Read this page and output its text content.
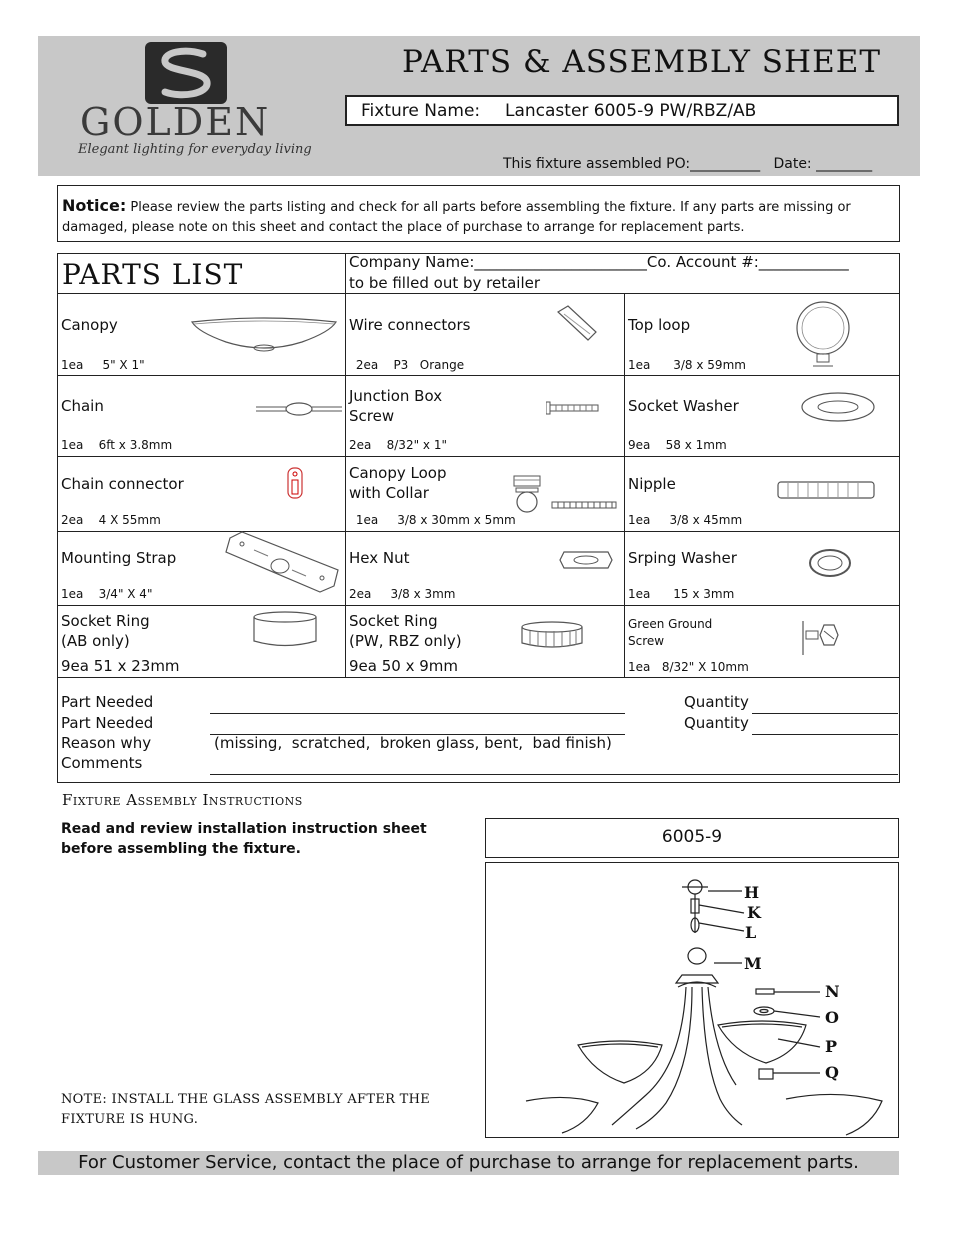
GOLDEN
Elegant lighting for everyday living
PARTS & ASSEMBLY SHEET
Fixture Name: Lancaster 6005-9 PW/RBZ/AB
This fixture assembled PO:__________   Date: ________
Notice: Please review the parts listing and check for all parts before assembling the fixture. If any parts are missing or damaged, please note on this sheet and contact the place of purchase to arrange for replacement parts.
PARTS LIST	Company Name:_______________________Co. Account #:____________
to be filled out by retailer
Canopy
1ea     5" X 1"
Wire connectors
2ea    P3   Orange
Top loop
1ea      3/8 x 59mm
Chain
1ea    6ft x 3.8mm
Junction Box
Screw
2ea    8/32" x 1"
Socket Washer
9ea    58 x 1mm
Chain connector
2ea    4 X 55mm
Canopy Loop
with Collar
1ea     3/8 x 30mm x 5mm
Nipple
1ea     3/8 x 45mm
Mounting Strap
1ea    3/4" X 4"
Hex Nut
2ea     3/8 x 3mm
Srping Washer
1ea      15 x 3mm
Socket Ring
(AB only)
9ea 51 x 23mm
Socket Ring
(PW, RBZ only)
9ea 50 x 9mm
Green Ground
Screw
1ea   8/32" X 10mm
Part Needed
Part Needed
Reason why
Comments
(missing,  scratched,  broken glass, bent,  bad finish)
Quantity
Quantity
Fixture Assembly Instructions
Read and review installation instruction sheet before assembling the fixture.
NOTE: INSTALL THE GLASS ASSEMBLY AFTER THE FIXTURE IS HUNG.
6005-9
H
K
L
M
N
O
P
Q
For Customer Service, contact the place of purchase to arrange for replacement parts.
